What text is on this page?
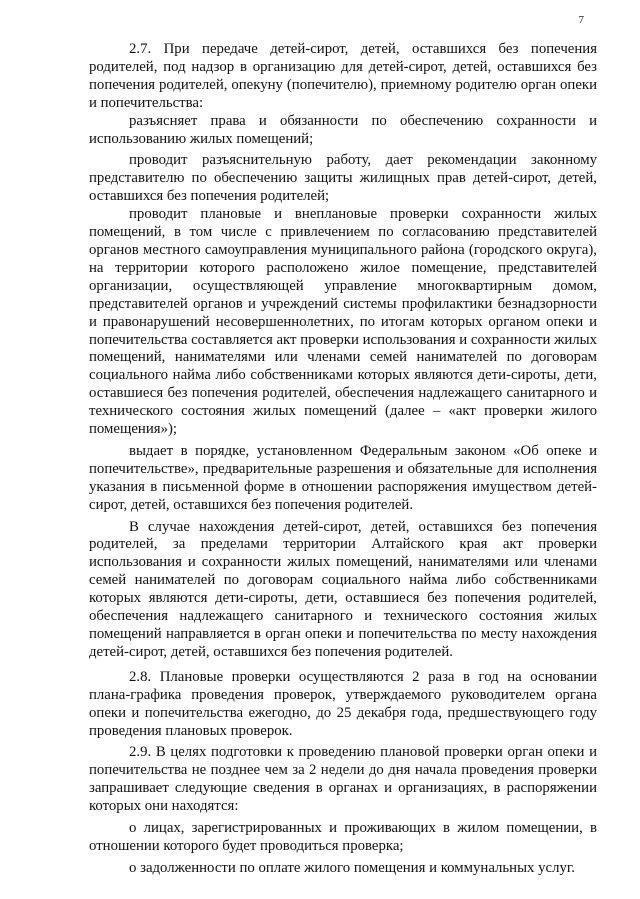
7

2.7. При передаче детей-сирот, детей, оставшихся без попечения родителей, под надзор в организацию для детей-сирот, детей, оставшихся без попечения родителей, опекуну (попечителю), приемному родителю орган опеки и попечительства:

разъясняет права и обязанности по обеспечению сохранности и использованию жилых помещений;

проводит разъяснительную работу, дает рекомендации законному представителю по обеспечению защиты жилищных прав детей-сирот, детей, оставшихся без попечения родителей;

проводит плановые и внеплановые проверки сохранности жилых помещений, в том числе с привлечением по согласованию представителей органов местного самоуправления муниципального района (городского округа), на территории которого расположено жилое помещение, представителей организации, осуществляющей управление многоквартирным домом, представителей органов и учреждений системы профилактики безнадзорности и правонарушений несовершеннолетних, по итогам которых органом опеки и попечительства составляется акт проверки использования и сохранности жилых помещений, нанимателями или членами семей нанимателей по договорам социального найма либо собственниками которых являются дети-сироты, дети, оставшиеся без попечения родителей, обеспечения надлежащего санитарного и технического состояния жилых помещений (далее – «акт проверки жилого помещения»);

выдает в порядке, установленном Федеральным законом «Об опеке и попечительстве», предварительные разрешения и обязательные для исполнения указания в письменной форме в отношении распоряжения имуществом детей-сирот, детей, оставшихся без попечения родителей.

В случае нахождения детей-сирот, детей, оставшихся без попечения родителей, за пределами территории Алтайского края акт проверки использования и сохранности жилых помещений, нанимателями или членами семей нанимателей по договорам социального найма либо собственниками которых являются дети-сироты, дети, оставшиеся без попечения родителей, обеспечения надлежащего санитарного и технического состояния жилых помещений направляется в орган опеки и попечительства по месту нахождения детей-сирот, детей, оставшихся без попечения родителей.

2.8. Плановые проверки осуществляются 2 раза в год на основании плана-графика проведения проверок, утверждаемого руководителем органа опеки и попечительства ежегодно, до 25 декабря года, предшествующего году проведения плановых проверок.

2.9. В целях подготовки к проведению плановой проверки орган опеки и попечительства не позднее чем за 2 недели до дня начала проведения проверки запрашивает следующие сведения в органах и организациях, в распоряжении которых они находятся:

о лицах, зарегистрированных и проживающих в жилом помещении, в отношении которого будет проводиться проверка;

о задолженности по оплате жилого помещения и коммунальных услуг.
